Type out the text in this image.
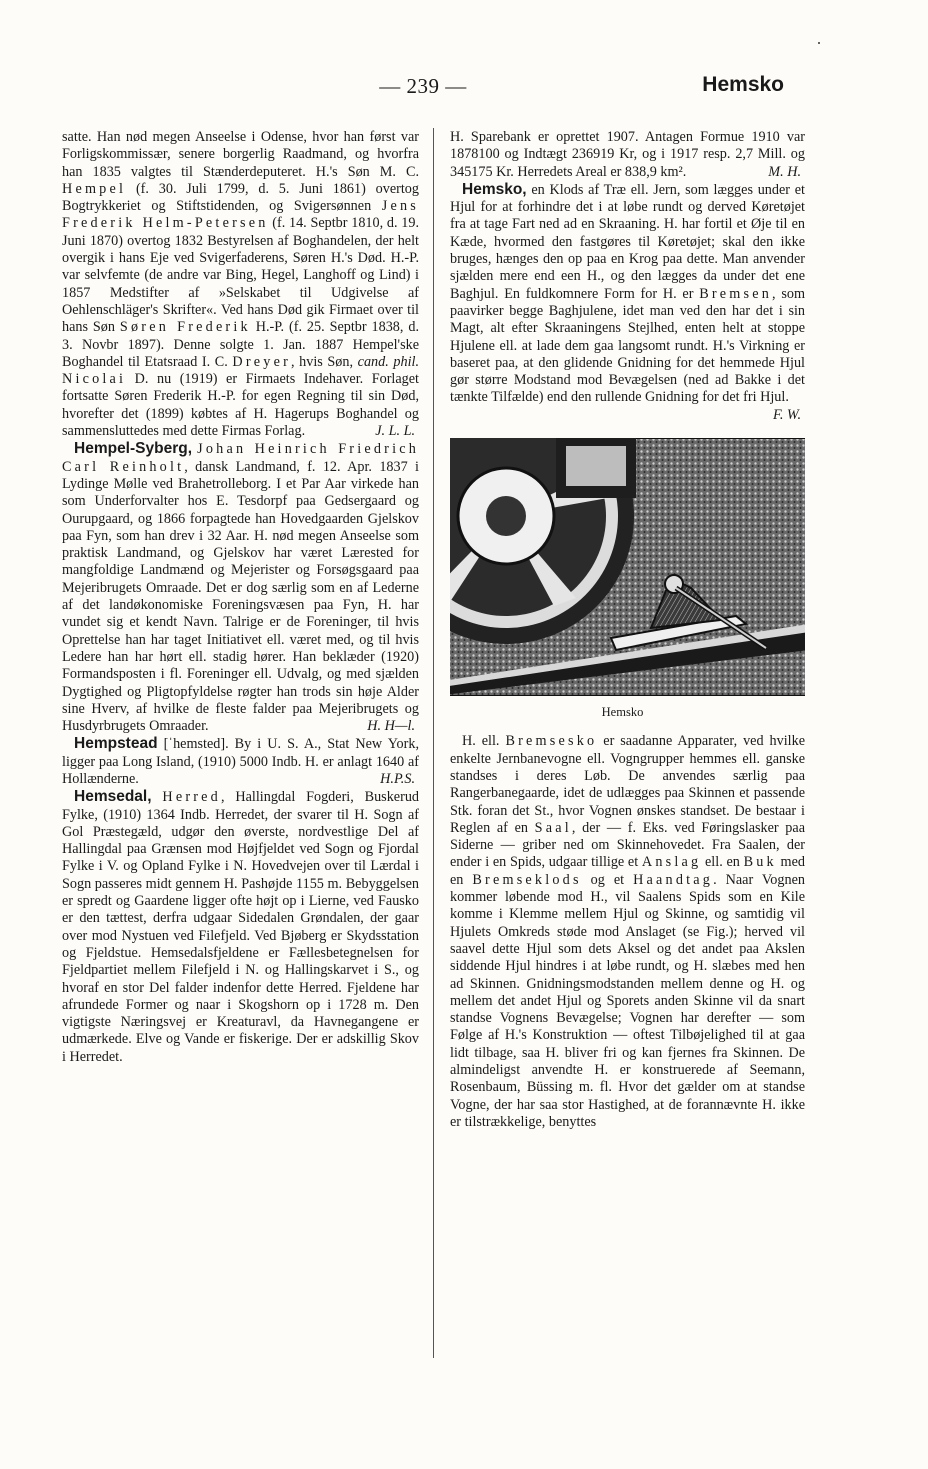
— 239 —	Hemsko

satte. Han nød megen Anseelse i Odense, hvor han først var Forligskommissær, senere borgerlig Raadmand, og hvorfra han 1835 valgtes til Stænderdeputeret. H.'s Søn M. C. Hempel (f. 30. Juli 1799, d. 5. Juni 1861) overtog Bogtrykkeriet og Stiftstidenden, og Svigersønnen Jens Frederik Helm-Petersen (f. 14. Septbr 1810, d. 19. Juni 1870) overtog 1832 Bestyrelsen af Boghandelen, der helt overgik i hans Eje ved Svigerfaderens, Søren H.'s Død. H.-P. var selvfemte (de andre var Bing, Hegel, Langhoff og Lind) i 1857 Medstifter af »Selskabet til Udgivelse af Oehlenschläger's Skrifter«. Ved hans Død gik Firmaet over til hans Søn Søren Frederik H.-P. (f. 25. Septbr 1838, d. 3. Novbr 1897). Denne solgte 1. Jan. 1887 Hempel'ske Boghandel til Etatsraad I. C. Dreyer, hvis Søn, cand. phil. Nicolai D. nu (1919) er Firmaets Indehaver. Forlaget fortsatte Søren Frederik H.-P. for egen Regning til sin Død, hvorefter det (1899) købtes af H. Hagerups Boghandel og sammensluttedes med dette Firmas Forlag.	J. L. L.

Hempel-Syberg, Johan Heinrich Friedrich Carl Reinholt, dansk Landmand, f. 12. Apr. 1837 i Lydinge Mølle ved Brahetrolleborg. I et Par Aar virkede han som Underforvalter hos E. Tesdorpf paa Gedsergaard og Ourupgaard, og 1866 forpagtede han Hovedgaarden Gjelskov paa Fyn, som han drev i 32 Aar. H. nød megen Anseelse som praktisk Landmand, og Gjelskov har været Lærested for mangfoldige Landmænd og Mejerister og Forsøgsgaard paa Mejeribrugets Omraade. Det er dog særlig som en af Lederne af det landøkonomiske Foreningsvæsen paa Fyn, H. har vundet sig et kendt Navn. Talrige er de Foreninger, til hvis Oprettelse han har taget Initiativet ell. været med, og til hvis Ledere han har hørt ell. stadig hører. Han beklæder (1920) Formandsposten i fl. Foreninger ell. Udvalg, og med sjælden Dygtighed og Pligtopfyldelse røgter han trods sin høje Alder sine Hverv, af hvilke de fleste falder paa Mejeribrugets og Husdyrbrugets Omraader.	H. H—l.

Hempstead [ˈhemsted]. By i U. S. A., Stat New York, ligger paa Long Island, (1910) 5000 Indb. H. er anlagt 1640 af Hollænderne.	H.P.S.

Hemsedal, Herred, Hallingdal Fogderi, Buskerud Fylke, (1910) 1364 Indb. Herredet, der svarer til H. Sogn af Gol Præstegæld, udgør den øverste, nordvestlige Del af Hallingdal paa Grænsen mod Højfjeldet ved Sogn og Fjordal Fylke i V. og Opland Fylke i N. Hovedvejen over til Lærdal i Sogn passeres midt gennem H. Pashøjde 1155 m. Bebyggelsen er spredt og Gaardene ligger ofte højt op i Lierne, ved Fausko er den tættest, derfra udgaar Sidedalen Grøndalen, der gaar over mod Nystuen ved Filefjeld. Ved Bjøberg er Skydsstation og Fjeldstue. Hemsedalsfjeldene er Fællesbetegnelsen for Fjeldpartiet mellem Filefjeld i N. og Hallingskarvet i S., og hvoraf en stor Del falder indenfor dette Herred. Fjeldene har afrundede Former og naar i Skogshorn op i 1728 m. Den vigtigste Næringsvej er Kreaturavl, da Havnegangene er udmærkede. Elve og Vande er fiskerige. Der er adskillig Skov i Herredet.

H. Sparebank er oprettet 1907. Antagen Formue 1910 var 1878100 og Indtægt 236919 Kr, og i 1917 resp. 2,7 Mill. og 345175 Kr. Herredets Areal er 838,9 km².	M. H.

Hemsko, en Klods af Træ ell. Jern, som lægges under et Hjul for at forhindre det i at løbe rundt og derved Køretøjet fra at tage Fart ned ad en Skraaning. H. har fortil et Øje til en Kæde, hvormed den fastgøres til Køretøjet; skal den ikke bruges, hænges den op paa en Krog paa dette. Man anvender sjælden mere end een H., og den lægges da under det ene Baghjul. En fuldkomnere Form for H. er Bremsen, som paavirker begge Baghjulene, idet man ved den har det i sin Magt, alt efter Skraaningens Stejlhed, enten helt at stoppe Hjulene ell. at lade dem gaa langsomt rundt. H.'s Virkning er baseret paa, at den glidende Gnidning for det hemmede Hjul gør større Modstand mod Bevægelsen (ned ad Bakke i det tænkte Tilfælde) end den rullende Gnidning for det fri Hjul.
F. W.

Hemsko

H. ell. Bremsesko er saadanne Apparater, ved hvilke enkelte Jernbanevogne ell. Vogngrupper hemmes ell. ganske standses i deres Løb. De anvendes særlig paa Rangerbanegaarde, idet de udlægges paa Skinnen et passende Stk. foran det St., hvor Vognen ønskes standset. De bestaar i Reglen af en Saal, der — f. Eks. ved Føringslasker paa Siderne — griber ned om Skinnehovedet. Fra Saalen, der ender i en Spids, udgaar tillige et Anslag ell. en Buk med en Bremseklods og et Haandtag. Naar Vognen kommer løbende mod H., vil Saalens Spids som en Kile komme i Klemme mellem Hjul og Skinne, og samtidig vil Hjulets Omkreds støde mod Anslaget (se Fig.); herved vil saavel dette Hjul som dets Aksel og det andet paa Akslen siddende Hjul hindres i at løbe rundt, og H. slæbes med hen ad Skinnen. Gnidningsmodstanden mellem denne og H. og mellem det andet Hjul og Sporets anden Skinne vil da snart standse Vognens Bevægelse; Vognen har derefter — som Følge af H.'s Konstruktion — oftest Tilbøjelighed til at gaa lidt tilbage, saa H. bliver fri og kan fjernes fra Skinnen. De almindeligst anvendte H. er konstruerede af Seemann, Rosenbaum, Büssing m. fl. Hvor det gælder om at standse Vogne, der har saa stor Hastighed, at de forannævnte H. ikke er tilstrækkelige, benyttes
